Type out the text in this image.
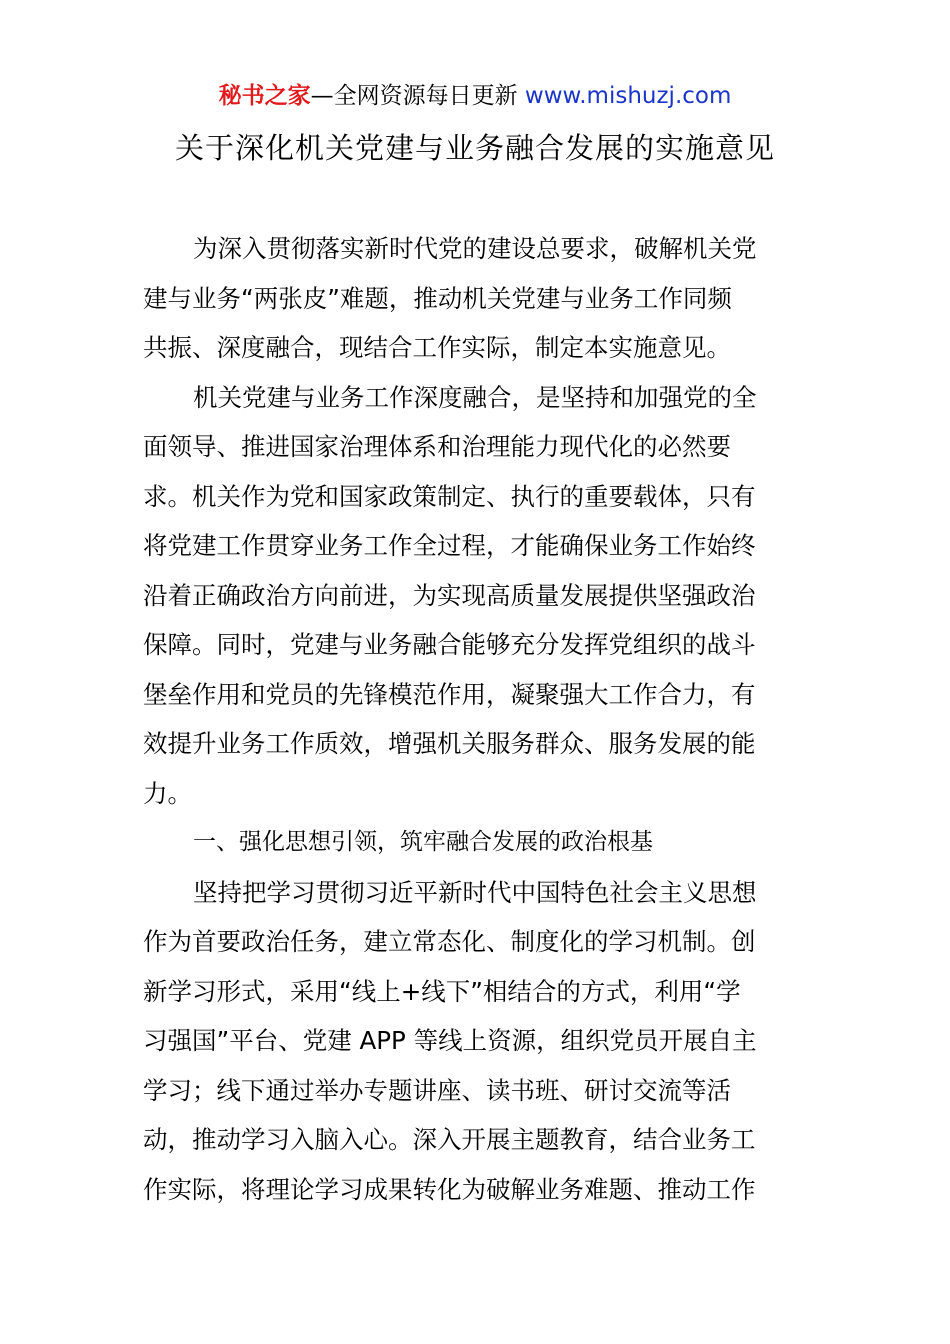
秘书之家—全网资源每日更新 www.mishuzj.com
关于深化机关党建与业务融合发展的实施意见
为深入贯彻落实新时代党的建设总要求，破解机关党
建与业务“两张皮”难题，推动机关党建与业务工作同频
共振、深度融合，现结合工作实际，制定本实施意见。
机关党建与业务工作深度融合，是坚持和加强党的全
面领导、推进国家治理体系和治理能力现代化的必然要
求。机关作为党和国家政策制定、执行的重要载体，只有
将党建工作贯穿业务工作全过程，才能确保业务工作始终
沿着正确政治方向前进，为实现高质量发展提供坚强政治
保障。同时，党建与业务融合能够充分发挥党组织的战斗
堡垒作用和党员的先锋模范作用，凝聚强大工作合力，有
效提升业务工作质效，增强机关服务群众、服务发展的能
力。
一、强化思想引领，筑牢融合发展的政治根基
坚持把学习贯彻习近平新时代中国特色社会主义思想
作为首要政治任务，建立常态化、制度化的学习机制。创
新学习形式，采用“线上+线下”相结合的方式，利用“学
习强国”平台、党建 APP 等线上资源，组织党员开展自主
学习；线下通过举办专题讲座、读书班、研讨交流等活
动，推动学习入脑入心。深入开展主题教育，结合业务工
作实际，将理论学习成果转化为破解业务难题、推动工作
